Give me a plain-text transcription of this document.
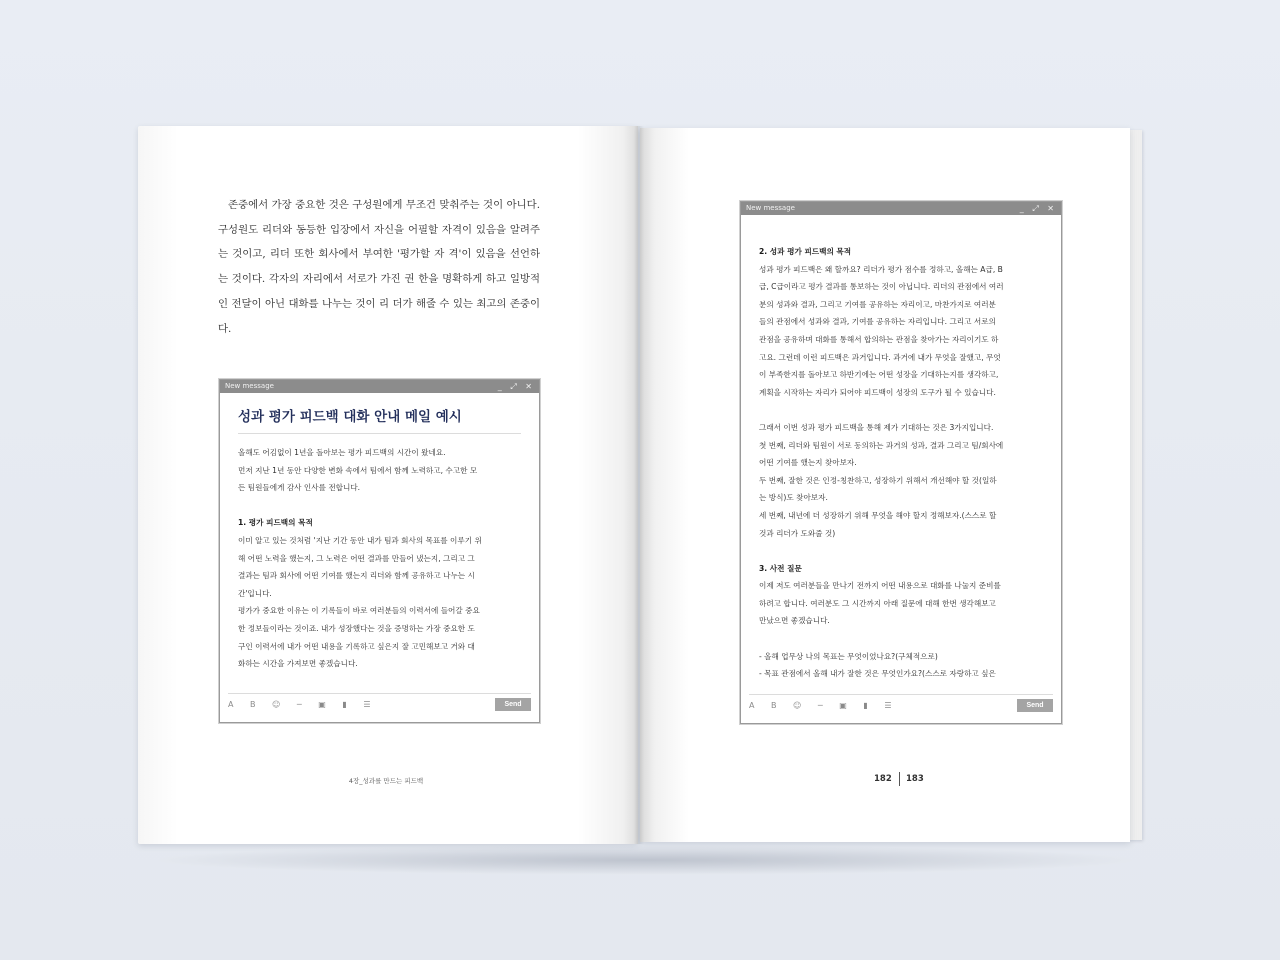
존중에서 가장 중요한 것은 구성원에게 무조건 맞춰주는 것이 아니다. 구성원도 리더와 동등한 입장에서 자신을 어필할 자격이 있음을 알려주는 것이고, 리더 또한 회사에서 부여한 '평가할 자 격'이 있음을 선언하는 것이다. 각자의 자리에서 서로가 가진 권 한을 명확하게 하고 일방적인 전달이 아닌 대화를 나누는 것이 리 더가 해줄 수 있는 최고의 존중이다.

New message	_ ⤢ ✕
성과 평가 피드백 대화 안내 메일 예시
올해도 어김없이 1년을 돌아보는 평가 피드백의 시간이 왔네요.
먼저 지난 1년 동안 다양한 변화 속에서 팀에서 함께 노력하고, 수고한 모
든 팀원들에게 감사 인사를 전합니다.
1. 평가 피드백의 목적
이미 알고 있는 것처럼 '지난 기간 동안 내가 팀과 회사의 목표를 이루기 위
해 어떤 노력을 했는지, 그 노력은 어떤 결과를 만들어 냈는지, 그리고 그
결과는 팀과 회사에 어떤 기여를 했는지 리더와 함께 공유하고 나누는 시
간'입니다.
평가가 중요한 이유는 이 기록들이 바로 여러분들의 이력서에 들어갈 중요
한 정보들이라는 것이죠. 내가 성장했다는 것을 증명하는 가장 중요한 도
구인 이력서에 내가 어떤 내용을 기록하고 싶은지 잘 고민해보고 거와 대
화하는 시간을 가져보면 좋겠습니다.
A B ☺ ─ ▣ ▮ ☰	Send
New message	_ ⤢ ✕
2. 성과 평가 피드백의 목적
성과 평가 피드백은 왜 할까요? 리더가 평가 점수를 정하고, 올해는 A급, B
급, C급이라고 평가 결과를 통보하는 것이 아닙니다. 리더의 관점에서 여러
분의 성과와 결과, 그리고 기여를 공유하는 자리이고, 마찬가지로 여러분
들의 관점에서 성과와 결과, 기여를 공유하는 자리입니다. 그리고 서로의
관점을 공유하며 대화를 통해서 합의하는 관점을 찾아가는 자리이기도 하
고요. 그런데 이런 피드백은 과거입니다. 과거에 내가 무엇을 잘했고, 무엇
이 부족한지를 돌아보고 하반기에는 어떤 성장을 기대하는지를 생각하고,
계획을 시작하는 자리가 되어야 피드백이 성장의 도구가 될 수 있습니다.
그래서 이번 성과 평가 피드백을 통해 제가 기대하는 것은 3가지입니다.
첫 번째, 리더와 팀원이 서로 동의하는 과거의 성과, 결과 그리고 팀/회사에
어떤 기여를 했는지 찾아보자.
두 번째, 잘한 것은 인정-칭찬하고, 성장하기 위해서 개선해야 할 것(일하
는 방식)도 찾아보자.
세 번째, 내년에 더 성장하기 위해 무엇을 해야 할지 정해보자.(스스로 할
것과 리더가 도와줄 것)
3. 사전 질문
이제 저도 여러분들을 만나기 전까지 어떤 내용으로 대화를 나눌지 준비를
하려고 합니다. 여러분도 그 시간까지 아래 질문에 대해 한번 생각해보고
만났으면 좋겠습니다.
- 올해 업무상 나의 목표는 무엇이었나요?(구체적으로)
- 목표 관점에서 올해 내가 잘한 것은 무엇인가요?(스스로 자랑하고 싶은
A B ☺ ─ ▣ ▮ ☰	Send
4장_성과를 만드는 피드백	182 183
